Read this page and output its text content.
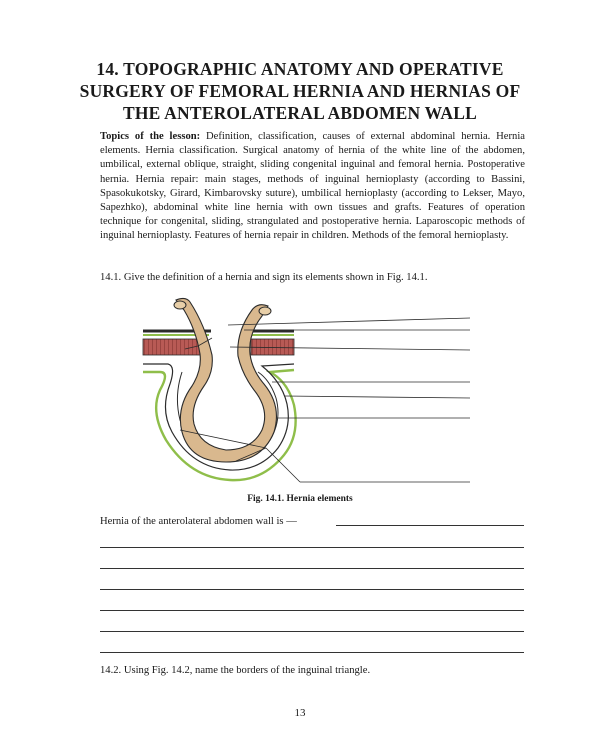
14. TOPOGRAPHIC ANATOMY AND OPERATIVE SURGERY OF FEMORAL HERNIA AND HERNIAS OF THE ANTEROLATERAL ABDOMEN WALL
Topics of the lesson: Definition, classification, causes of external abdominal hernia. Hernia elements. Hernia classification. Surgical anatomy of hernia of the white line of the abdomen, umbilical, external oblique, straight, sliding congenital inguinal and femoral hernia. Postoperative hernia. Hernia repair: main stages, methods of inguinal hernioplasty (according to Bassini, Spasokukotsky, Girard, Kimbarovsky suture), umbilical hernioplasty (according to Lekser, Mayo, Sapezhko), abdominal white line hernia with own tissues and grafts. Features of operation technique for congenital, sliding, strangulated and postoperative hernia. Laparoscopic methods of inguinal hernioplasty. Features of hernia repair in children. Methods of the femoral hernioplasty.
14.1. Give the definition of a hernia and sign its elements shown in Fig. 14.1.
Fig. 14.1. Hernia elements
Hernia of the anterolateral abdomen wall is —
14.2. Using Fig. 14.2, name the borders of the inguinal triangle.
13
